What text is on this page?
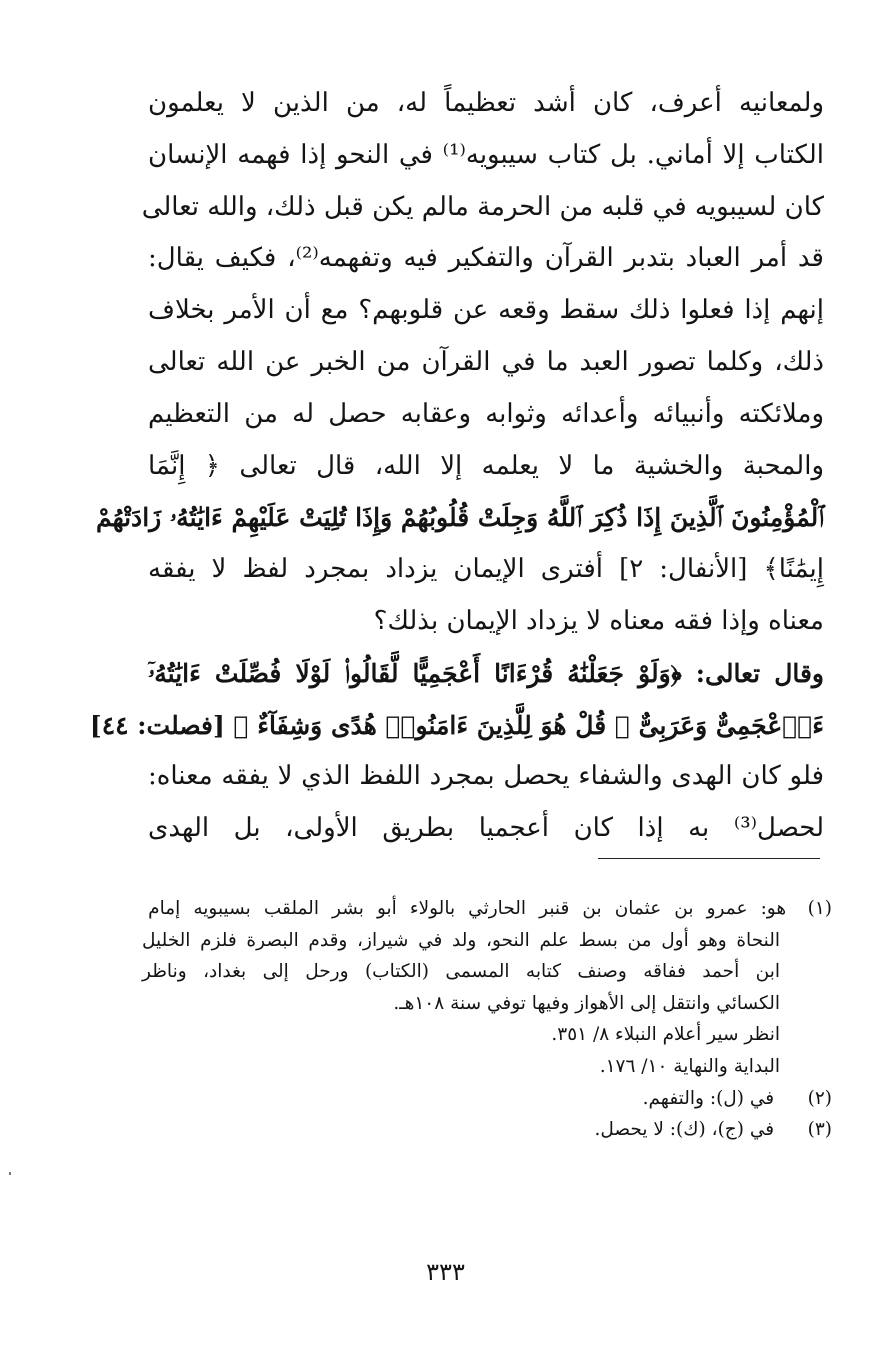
ولمعانيه أعرف، كان أشد تعظيماً له، من الذين لا يعلمون
الكتاب إلا أماني. بل كتاب سيبويه⁽¹⁾ في النحو إذا فهمه الإنسان
كان لسيبويه في قلبه من الحرمة مالم يكن قبل ذلك، والله تعالى
قد أمر العباد بتدبر القرآن والتفكير فيه وتفهمه⁽²⁾، فكيف يقال:
إنهم إذا فعلوا ذلك سقط وقعه عن قلوبهم؟ مع أن الأمر بخلاف
ذلك، وكلما تصور العبد ما في القرآن من الخبر عن الله تعالى
وملائكته وأنبيائه وأعدائه وثوابه وعقابه حصل له من التعظيم
والمحبة والخشية ما لا يعلمه إلا الله، قال تعالى ﴿ إِنَّمَا
ٱلْمُؤْمِنُونَ ٱلَّذِينَ إِذَا ذُكِرَ ٱللَّهُ وَجِلَتْ قُلُوبُهُمْ وَإِذَا تُلِيَتْ عَلَيْهِمْ ءَايَٰتُهُۥ زَادَتْهُمْ
إِيمَٰنًا﴾ [الأنفال: ٢] أفترى الإيمان يزداد بمجرد لفظ لا يفقه
معناه وإذا فقه معناه لا يزداد الإيمان بذلك؟
وقال تعالى: ﴿وَلَوْ جَعَلْنَٰهُ قُرْءَانًا أَعْجَمِيًّا لَّقَالُوا۟ لَوْلَا فُصِّلَتْ ءَايَٰتُهُۥٓ
ءَا۬عْجَمِىٌّ وَعَرَبِىٌّ ۗ قُلْ هُوَ لِلَّذِينَ ءَامَنُوا۟ هُدًى وَشِفَآءٌ ﴾ [فصلت: ٤٤]
فلو كان الهدى والشفاء يحصل بمجرد اللفظ الذي لا يفقه معناه:
لحصل⁽³⁾ به إذا كان أعجميا بطريق الأولى، بل الهدى
(١) هو: عمرو بن عثمان بن قنبر الحارثي بالولاء أبو بشر الملقب بسيبويه إمام
النحاة وهو أول من بسط علم النحو، ولد في شيراز، وقدم البصرة فلزم الخليل
ابن أحمد ففاقه وصنف كتابه المسمى (الكتاب) ورحل إلى بغداد، وناظر
الكسائي وانتقل إلى الأهواز وفيها توفي سنة ١٠٨هـ.
انظر سير أعلام النبلاء ٨/ ٣٥١.
البداية والنهاية ١٠/ ١٧٦.
(٢) في (ل): والتفهم.
(٣) في (ج)، (ك): لا يحصل.
٣٣٣
